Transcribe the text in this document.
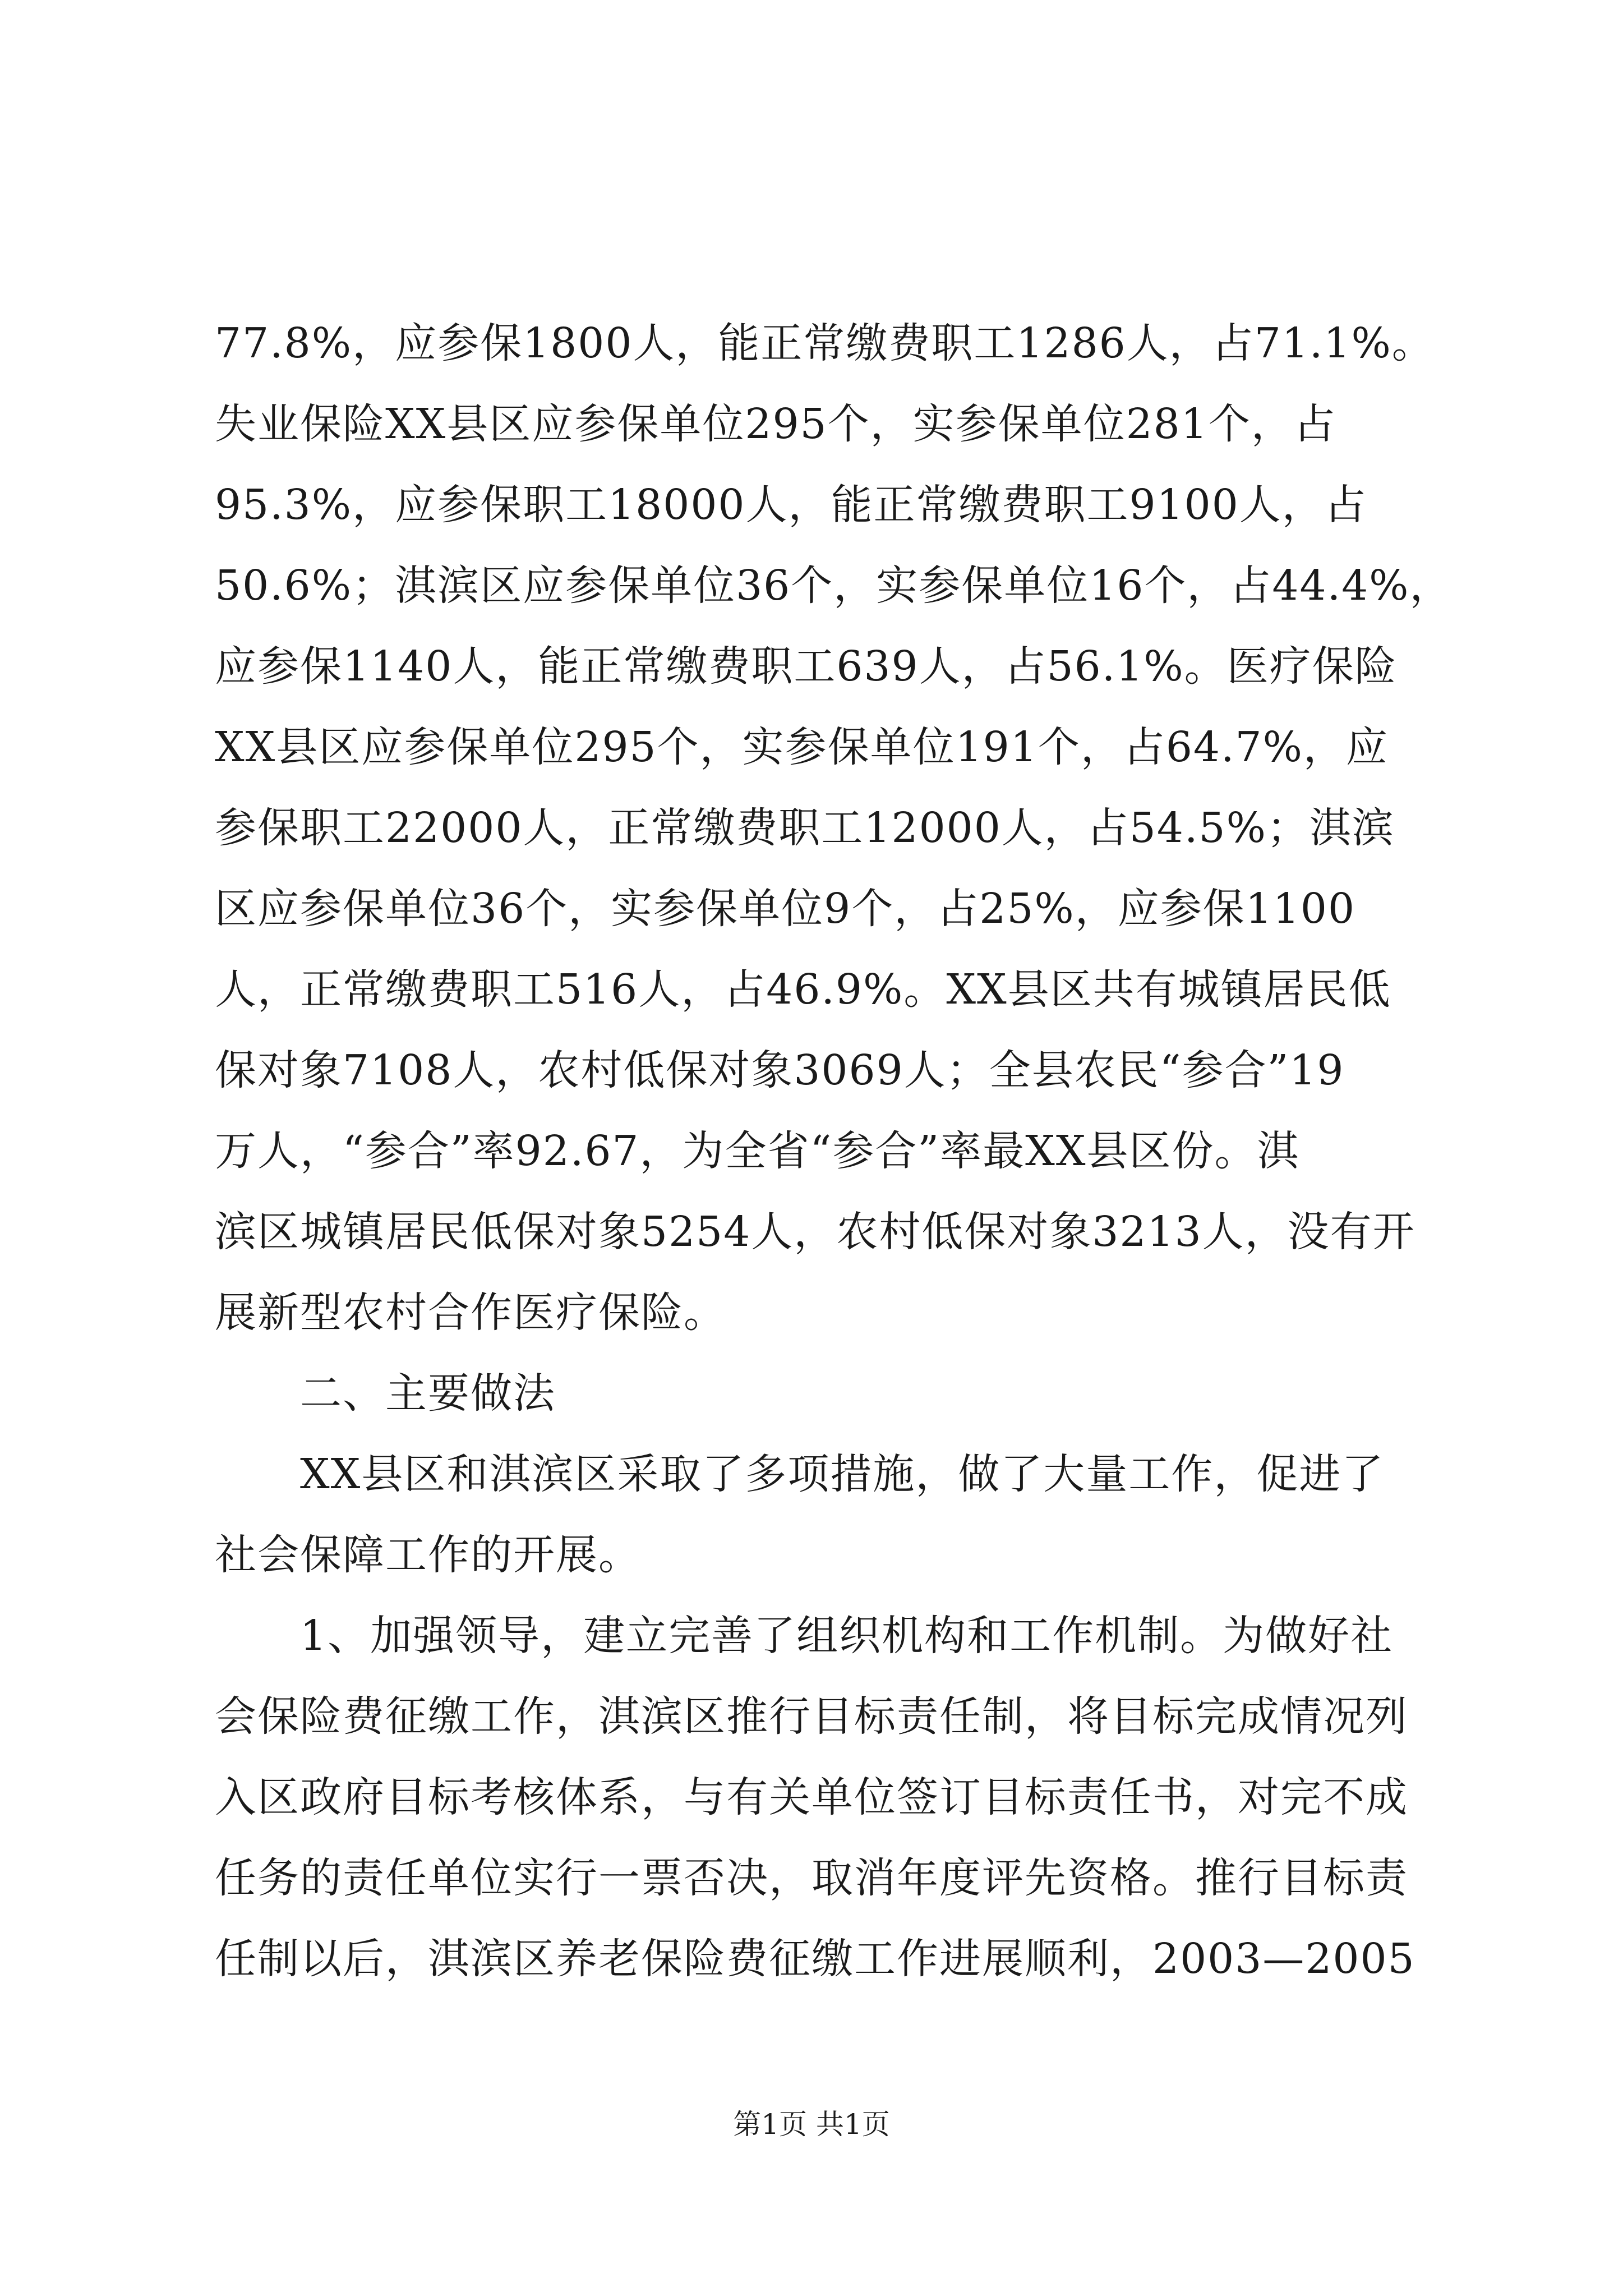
77.8%，应参保1800人，能正常缴费职工1286人，占71.1%。
失业保险XX县区应参保单位295个，实参保单位281个，占
95.3%，应参保职工18000人，能正常缴费职工9100人，占
50.6%；淇滨区应参保单位36个，实参保单位16个，占44.4%，
应参保1140人，能正常缴费职工639人，占56.1%。医疗保险
XX县区应参保单位295个，实参保单位191个，占64.7%，应
参保职工22000人，正常缴费职工12000人，占54.5%；淇滨
区应参保单位36个，实参保单位9个，占25%，应参保1100
人，正常缴费职工516人，占46.9%。XX县区共有城镇居民低
保对象7108人，农村低保对象3069人；全县农民“参合”19
万人，“参合”率92.67，为全省“参合”率最XX县区份。淇
滨区城镇居民低保对象5254人，农村低保对象3213人，没有开
展新型农村合作医疗保险。
二、主要做法
XX县区和淇滨区采取了多项措施，做了大量工作，促进了
社会保障工作的开展。
1、加强领导，建立完善了组织机构和工作机制。为做好社
会保险费征缴工作，淇滨区推行目标责任制，将目标完成情况列
入区政府目标考核体系，与有关单位签订目标责任书，对完不成
任务的责任单位实行一票否决，取消年度评先资格。推行目标责
任制以后，淇滨区养老保险费征缴工作进展顺利，2003—2005
第1页 共1页
